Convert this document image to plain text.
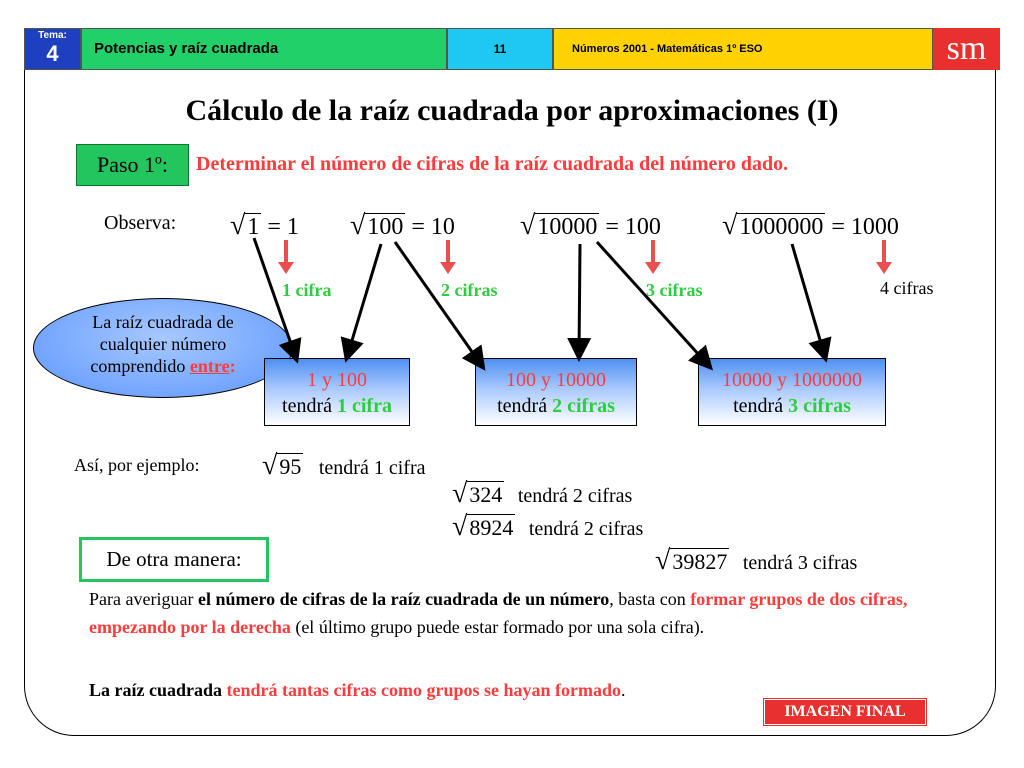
Tema:
4	Potencias y raíz cuadrada	11	Números 2001 - Matemáticas 1º ESO	sm
Cálculo de la raíz cuadrada por aproximaciones (I)
Paso 1º:	Determinar el número de cifras de la raíz cuadrada del número dado.
Observa: √1 = 1 √100 = 10 √10000 = 100 √1000000 = 1000
1 cifra	2 cifras	3 cifras	4 cifras
La raíz cuadrada de cualquier número comprendido entre:
1 y 100
tendrá 1 cifra
100 y 10000
tendrá 2 cifras
10000 y 1000000
tendrá 3 cifras
Así, por ejemplo: √95 tendrá 1 cifra
√324 tendrá 2 cifras
√8924 tendrá 2 cifras
√39827 tendrá 3 cifras
De otra manera:
Para averiguar el número de cifras de la raíz cuadrada de un número, basta con formar grupos de dos cifras, empezando por la derecha (el último grupo puede estar formado por una sola cifra).
La raíz cuadrada tendrá tantas cifras como grupos se hayan formado.
IMAGEN FINAL
